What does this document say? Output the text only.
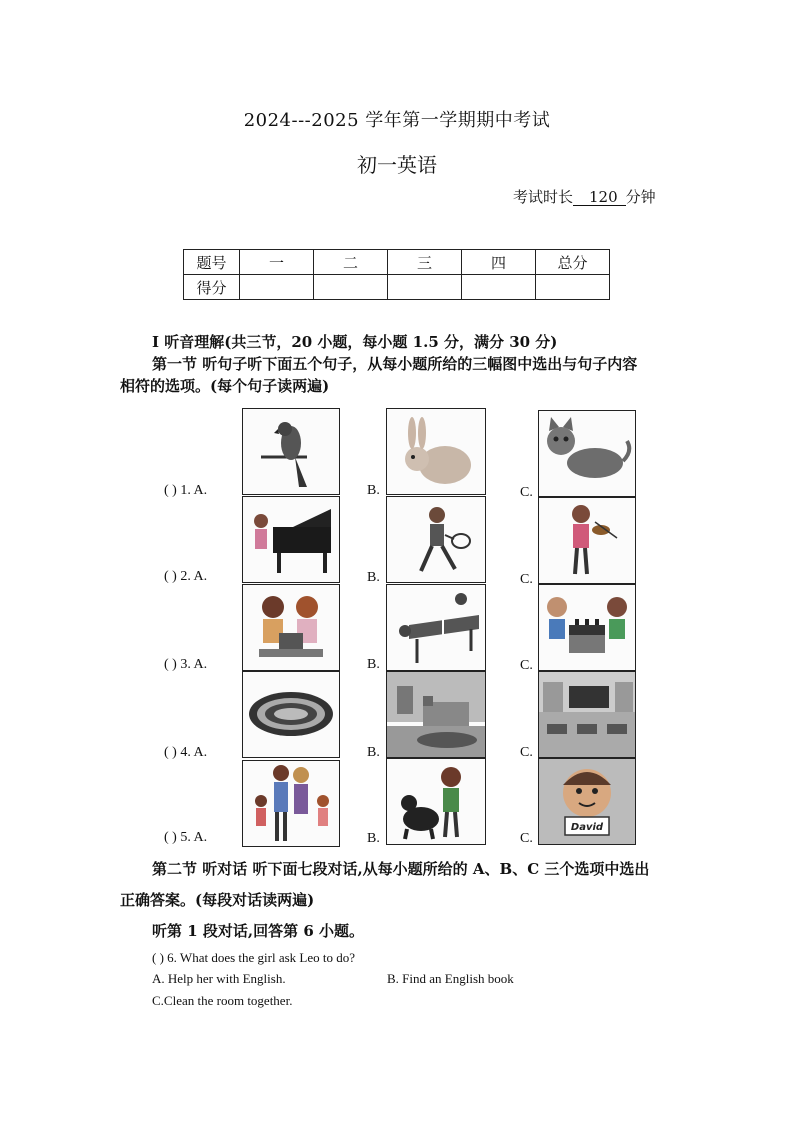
2024---2025 学年第一学期期中考试
初一英语
考试时长 120 分钟
题号	一	二	三	四	总分
得分					
I 听音理解(共三节，20 小题，每小题 1.5 分，满分 30 分)
第一节 听句子听下面五个句子，从每小题所给的三幅图中选出与句子内容
相符的选项。(每个句子读两遍)
( ) 1. A.	B.	C.
( ) 2. A.	B.	C.
( ) 3. A.	B.	C.
( ) 4. A.	B.	C.
( ) 5. A.	B.	C.
David
第二节 听对话 听下面七段对话,从每小题所给的 A、B、C 三个选项中选出
正确答案。(每段对话读两遍)
听第 1 段对话,回答第 6 小题。
( ) 6. What does the girl ask Leo to do?
A. Help her with English.	B. Find an English book
C.Clean the room together.
